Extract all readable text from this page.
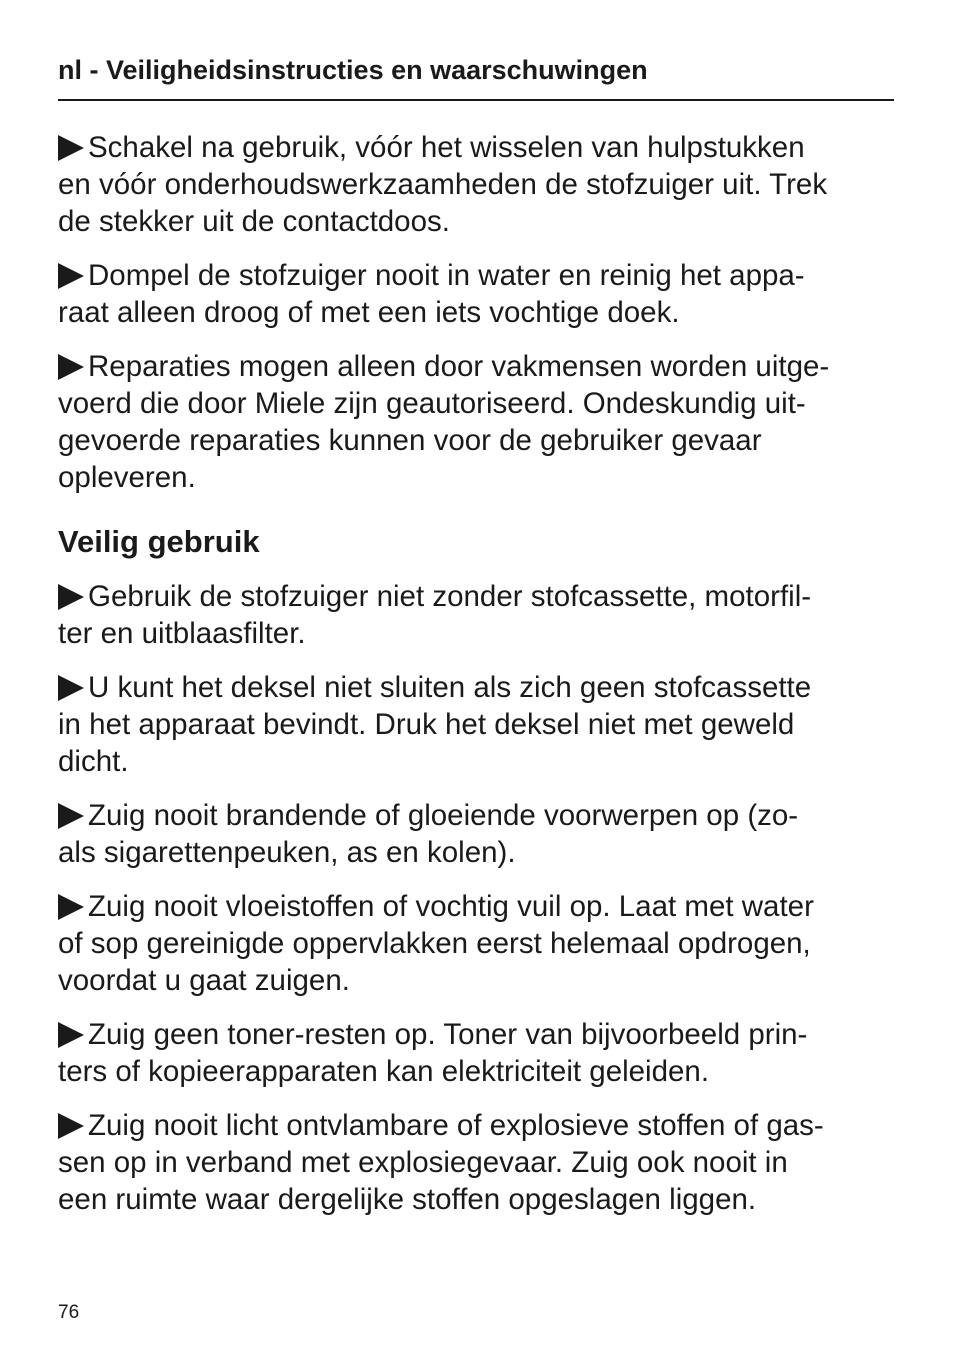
nl - Veiligheidsinstructies en waarschuwingen

Schakel na gebruik, vóór het wisselen van hulpstukken
en vóór onderhoudswerkzaamheden de stofzuiger uit. Trek
de stekker uit de contactdoos.

Dompel de stofzuiger nooit in water en reinig het appa-
raat alleen droog of met een iets vochtige doek.

Reparaties mogen alleen door vakmensen worden uitge-
voerd die door Miele zijn geautoriseerd. Ondeskundig uit-
gevoerde reparaties kunnen voor de gebruiker gevaar
opleveren.

Veilig gebruik

Gebruik de stofzuiger niet zonder stofcassette, motorfil-
ter en uitblaasfilter.

U kunt het deksel niet sluiten als zich geen stofcassette
in het apparaat bevindt. Druk het deksel niet met geweld
dicht.

Zuig nooit brandende of gloeiende voorwerpen op (zo-
als sigarettenpeuken, as en kolen).

Zuig nooit vloeistoffen of vochtig vuil op. Laat met water
of sop gereinigde oppervlakken eerst helemaal opdrogen,
voordat u gaat zuigen.

Zuig geen toner-resten op. Toner van bijvoorbeeld prin-
ters of kopieerapparaten kan elektriciteit geleiden.

Zuig nooit licht ontvlambare of explosieve stoffen of gas-
sen op in verband met explosiegevaar. Zuig ook nooit in
een ruimte waar dergelijke stoffen opgeslagen liggen.

76
